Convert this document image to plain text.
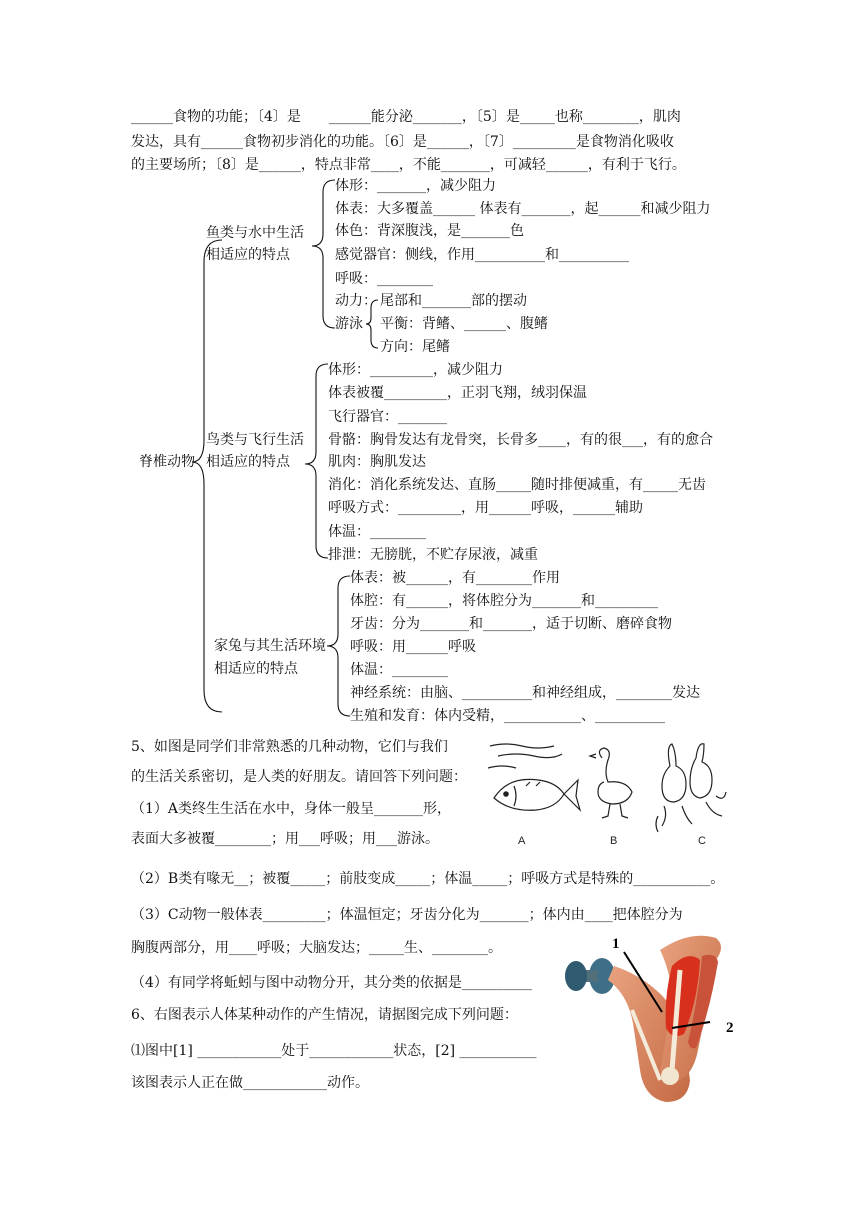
______食物的功能；〔4〕是　　______能分泌_______，〔5〕是_____也称________，肌肉
发达，具有______食物初步消化的功能。〔6〕是______，〔7〕_________是食物消化吸收
的主要场所；〔8〕是______，特点非常____，不能_______，可减轻______，有利于飞行。
脊椎动物
鱼类与水中生活
相适应的特点
体形：_______，减少阻力
体表：大多覆盖______ 体表有_______，起______和减少阻力
体色：背深腹浅，是_______色
感觉器官：侧线，作用__________和__________
呼吸：________
动力：
游泳
尾部和_______部的摆动
平衡：背鳍、______、腹鳍
方向：尾鳍
鸟类与飞行生活
相适应的特点
体形：_________，减少阻力
体表被覆_________，正羽飞翔，绒羽保温
飞行器官：_______
骨骼：胸骨发达有龙骨突，长骨多____，有的很___，有的愈合
肌肉：胸肌发达
消化：消化系统发达、直肠_____随时排便减重，有_____无齿
呼吸方式：_________，用______呼吸，______辅助
体温：________
排泄：无膀胱，不贮存尿液，减重
家兔与其生活环境
相适应的特点
体表：被______，有________作用
体腔：有______，将体腔分为_______和_________
牙齿：分为_______和_______，适于切断、磨碎食物
呼吸：用______呼吸
体温：________
神经系统：由脑、__________和神经组成，________发达
生殖和发育：体内受精，___________、__________
5、如图是同学们非常熟悉的几种动物，它们与我们
的生活关系密切，是人类的好朋友。请回答下列问题：
（1）A类终生生活在水中，身体一般呈_______形，
表面大多被覆________；用___呼吸；用___游泳。
（2）B类有喙无__；被覆_____；前肢变成_____；体温_____；呼吸方式是特殊的___________。
（3）C动物一般体表_________；体温恒定；牙齿分化为_______；体内由____把体腔分为
胸腹两部分，用____呼吸；大脑发达；_____生、________。
（4）有同学将蚯蚓与图中动物分开，其分类的依据是__________
A	B	C
6、右图表示人体某种动作的产生情况，请据图完成下列问题：
⑴图中[1] ____________处于____________状态，[2] ___________
该图表示人正在做____________动作。
1
2
